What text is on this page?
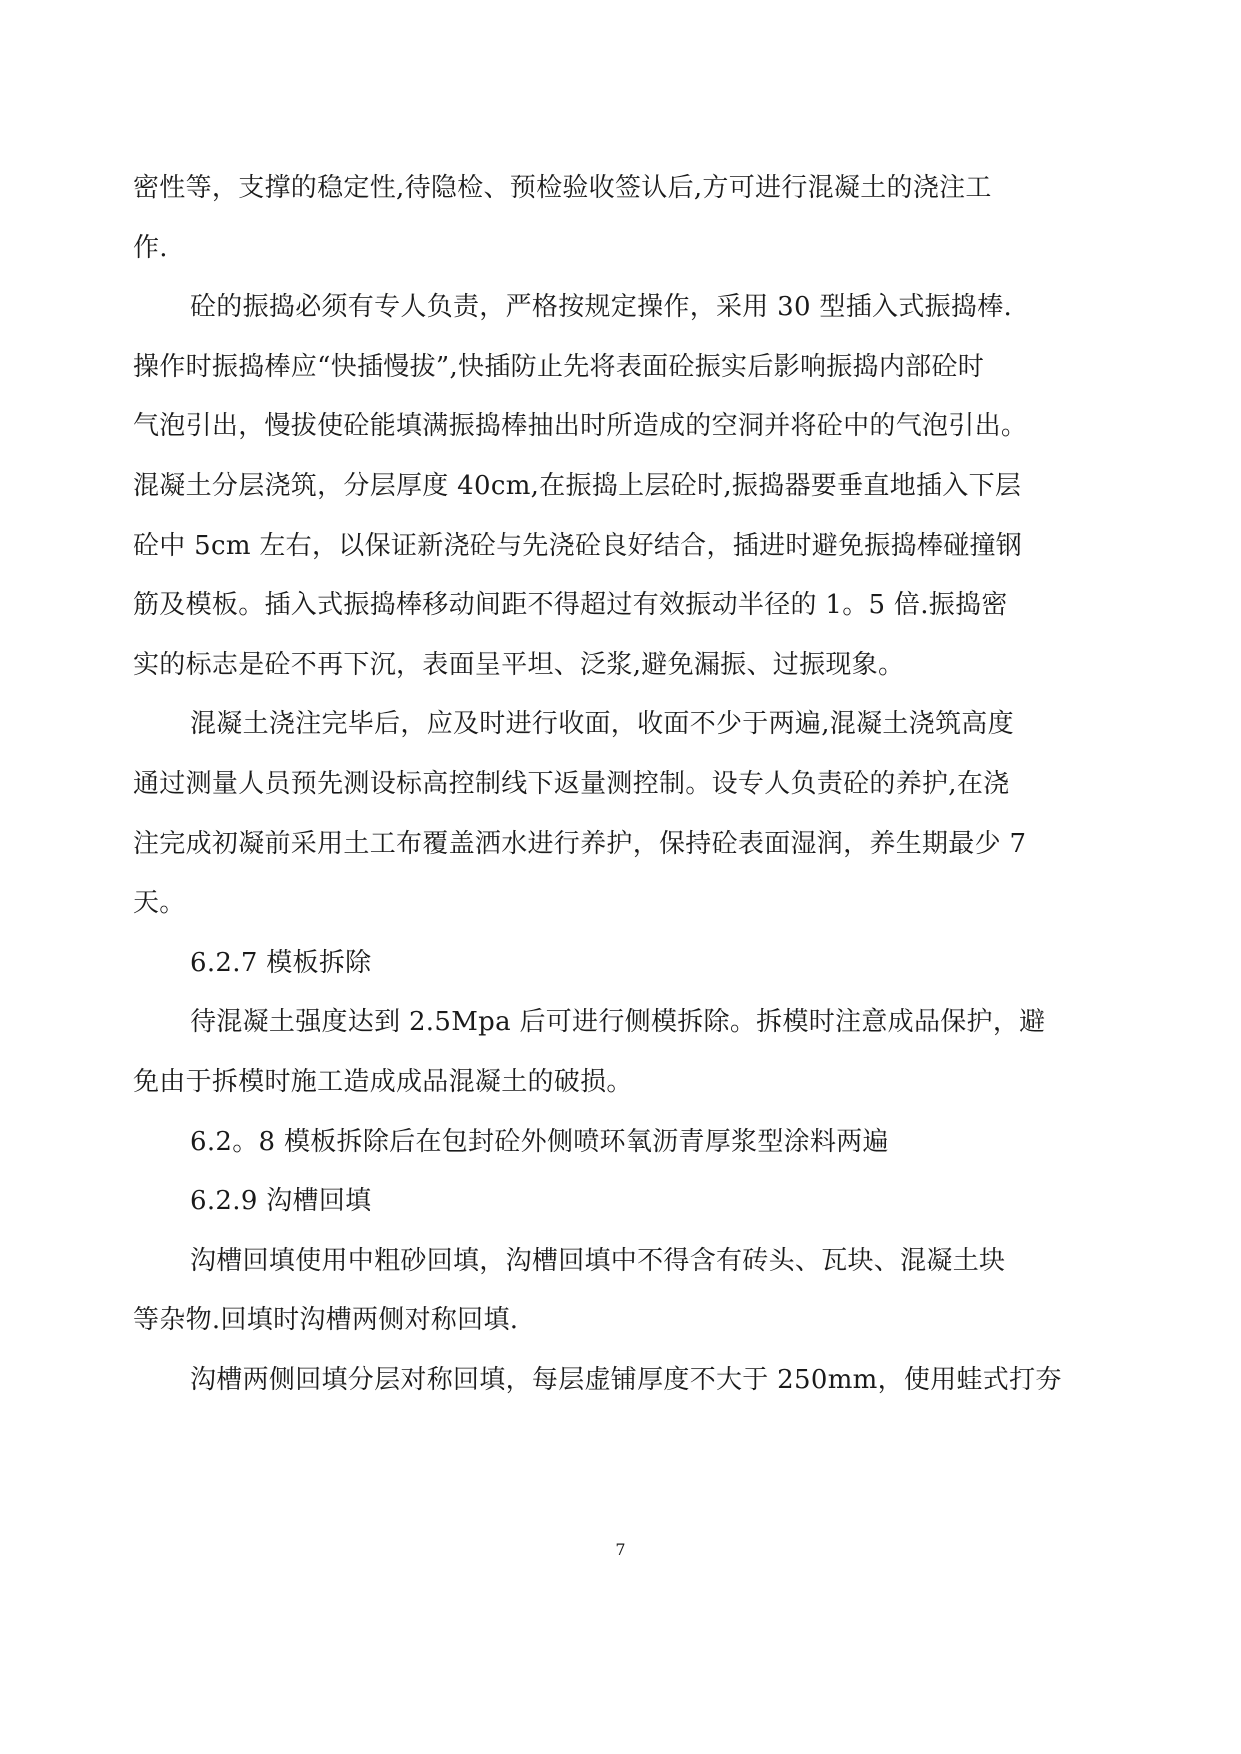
密性等，支撑的稳定性,待隐检、预检验收签认后,方可进行混凝土的浇注工
作.
砼的振捣必须有专人负责，严格按规定操作，采用 30 型插入式振捣棒.
操作时振捣棒应“快插慢拔”,快插防止先将表面砼振实后影响振捣内部砼时
气泡引出，慢拔使砼能填满振捣棒抽出时所造成的空洞并将砼中的气泡引出。
混凝土分层浇筑，分层厚度 40cm,在振捣上层砼时,振捣器要垂直地插入下层
砼中 5cm 左右，以保证新浇砼与先浇砼良好结合，插进时避免振捣棒碰撞钢
筋及模板。插入式振捣棒移动间距不得超过有效振动半径的 1。5 倍.振捣密
实的标志是砼不再下沉，表面呈平坦、泛浆,避免漏振、过振现象。
混凝土浇注完毕后，应及时进行收面，收面不少于两遍,混凝土浇筑高度
通过测量人员预先测设标高控制线下返量测控制。设专人负责砼的养护,在浇
注完成初凝前采用土工布覆盖洒水进行养护，保持砼表面湿润，养生期最少 7
天。
6.2.7 模板拆除
待混凝土强度达到 2.5Mpa 后可进行侧模拆除。拆模时注意成品保护，避
免由于拆模时施工造成成品混凝土的破损。
6.2。8 模板拆除后在包封砼外侧喷环氧沥青厚浆型涂料两遍
6.2.9 沟槽回填
沟槽回填使用中粗砂回填，沟槽回填中不得含有砖头、瓦块、混凝土块
等杂物.回填时沟槽两侧对称回填.
沟槽两侧回填分层对称回填，每层虚铺厚度不大于 250mm，使用蛙式打夯
7
